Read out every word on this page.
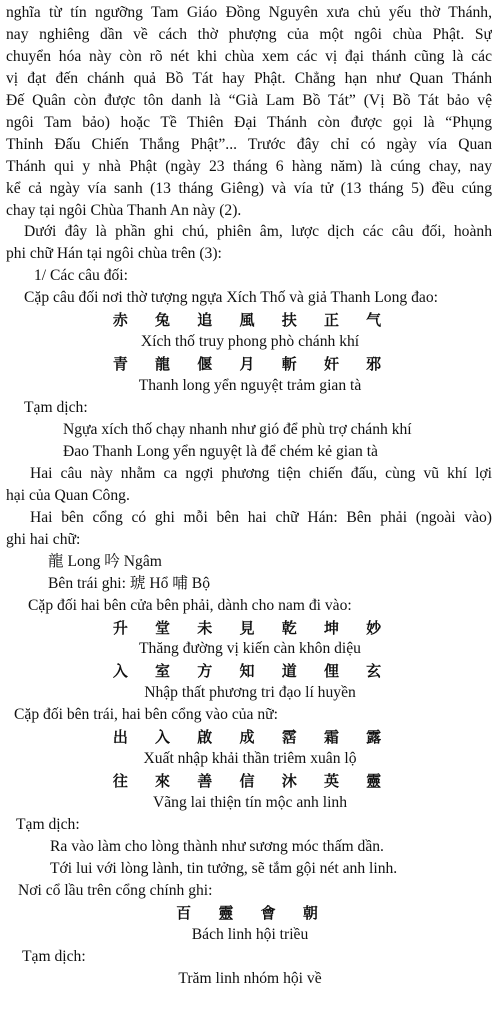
nghĩa từ tín ngưỡng Tam Giáo Đồng Nguyên xưa chủ yếu thờ Thánh,
nay nghiêng dần về cách thờ phượng của một ngôi chùa Phật. Sự
chuyển hóa này còn rõ nét khi chùa xem các vị đại thánh cũng là các
vị đạt đến chánh quả Bồ Tát hay Phật. Chẳng hạn như Quan Thánh
Đế Quân còn được tôn danh là “Già Lam Bồ Tát” (Vị Bồ Tát bảo vệ
ngôi Tam bảo) hoặc Tề Thiên Đại Thánh còn được gọi là “Phụng
Thỉnh Đấu Chiến Thắng Phật”... Trước đây chỉ có ngày vía Quan
Thánh qui y nhà Phật (ngày 23 tháng 6 hàng năm) là cúng chay, nay
kể cả ngày vía sanh (13 tháng Giêng) và vía tử (13 tháng 5) đều cúng
chay tại ngôi Chùa Thanh An này (2).
Dưới đây là phần ghi chú, phiên âm, lược dịch các câu đối, hoành
phi chữ Hán tại ngôi chùa trên (3):
1/ Các câu đối:
Cặp câu đối nơi thờ tượng ngựa Xích Thố và giả Thanh Long đao:
赤 兔 追 風 扶 正 气
Xích thố truy phong phò chánh khí
青 龍 偃 月 斬 奸 邪
Thanh long yển nguyệt trảm gian tà
Tạm dịch:
Ngựa xích thố chạy nhanh như gió để phù trợ chánh khí
Đao Thanh Long yển nguyệt là để chém kẻ gian tà
Hai câu này nhằm ca ngợi phương tiện chiến đấu, cùng vũ khí lợi
hại của Quan Công.
Hai bên cổng có ghi mỗi bên hai chữ Hán: Bên phải (ngoài vào)
ghi hai chữ:
龍 Long 吟 Ngâm
Bên trái ghi: 琥 Hổ 哺 Bộ
Cặp đối hai bên cửa bên phải, dành cho nam đi vào:
升 堂 未 見 乾 坤 妙
Thăng đường vị kiến càn khôn diệu
入 室 方 知 道 俚 玄
Nhập thất phương tri đạo lí huyền
Cặp đối bên trái, hai bên cổng vào của nữ:
出 入 啟 成 霑 霜 露
Xuất nhập khải thần triêm xuân lộ
往 來 善 信 沐 英 靈
Vãng lai thiện tín mộc anh linh
Tạm dịch:
Ra vào làm cho lòng thành như sương móc thấm dần.
Tới lui với lòng lành, tin tưởng, sẽ tắm gội nét anh linh.
Nơi cổ lầu trên cổng chính ghi:
百 靈 會 朝
Bách linh hội triều
Tạm dịch:
Trăm linh nhóm hội về
